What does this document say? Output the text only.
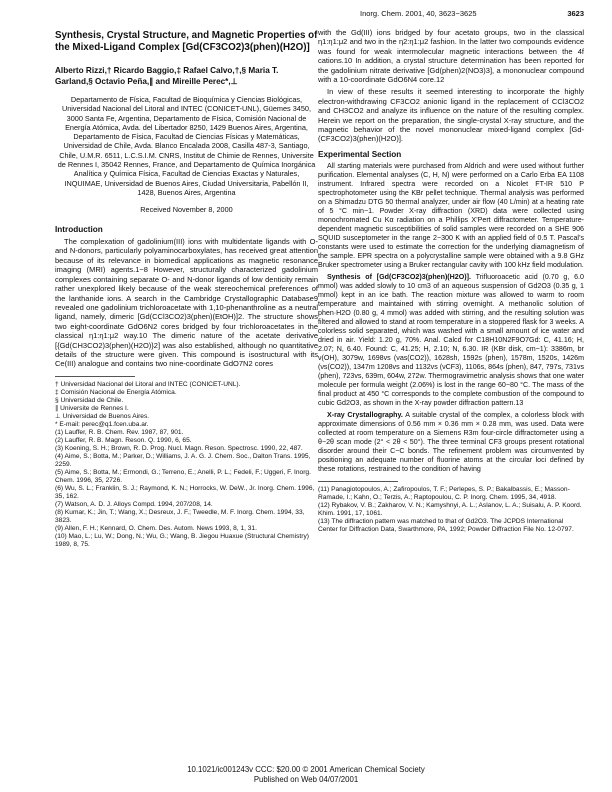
Inorg. Chem. 2001, 40, 3623−3625	3623
Synthesis, Crystal Structure, and Magnetic Properties of the Mixed-Ligand Complex [Gd(CF3CO2)3(phen)(H2O)]
Alberto Rizzi,† Ricardo Baggio,‡ Rafael Calvo,†,§ Maria T. Garland,§ Octavio Peña,∥ and Mireille Perec*,⊥
Departamento de Física, Facultad de Bioquímica y Ciencias Biológicas, Universidad Nacional del Litoral and INTEC (CONICET-UNL), Güemes 3450, 3000 Santa Fe, Argentina, Departamento de Física, Comisión Nacional de Energía Atómica, Avda. del Libertador 8250, 1429 Buenos Aires, Argentina, Departamento de Física, Facultad de Ciencias Físicas y Matemáticas, Universidad de Chile, Avda. Blanco Encalada 2008, Casilla 487-3, Santiago, Chile, U.M.R. 6511, L.C.S.I.M. CNRS, Institut de Chimie de Rennes, Universite de Rennes I, 35042 Rennes, France, and Departamento de Química Inorgánica Analítica y Química Física, Facultad de Ciencias Exactas y Naturales, INQUIMAE, Universidad de Buenos Aires, Ciudad Universitaria, Pabellón II, 1428, Buenos Aires, Argentina
Received November 8, 2000
Introduction

The complexation of gadolinium(III) ions with multidentate ligands with O- and N-donors, particularly polyaminocarboxylates, has received great attention because of its relevance in biomedical applications as magnetic resonance imaging (MRI) agents.1−8 However, structurally characterized gadolinium complexes containing separate O- and N-donor ligands of low denticity remain rather unexplored likely because of the weak stereochemical preferences of the lanthanide ions. A search in the Cambridge Crystallographic Database9 revealed one gadolinium trichloroacetate with 1,10-phenanthroline as a neutral ligand, namely, dimeric [Gd(CCl3CO2)3(phen)(EtOH)]2. The structure shows two eight-coordinate GdO6N2 cores bridged by four trichloroacetates in the classical η1:η1:μ2 way.10 The dimeric nature of the acetate derivative [{Gd(CH3CO2)3(phen)(H2O)}2] was also established, although no quantitative details of the structure were given. This compound is isostructural with its Ce(III) analogue and contains two nine-coordinate GdO7N2 cores

† Universidad Nacional del Litoral and INTEC (CONICET-UNL).

‡ Comisión Nacional de Energía Atómica.

§ Universidad de Chile.

∥ Universite de Rennes I.

⊥ Universidad de Buenos Aires.

* E-mail: perec@q1.fcen.uba.ar.

(1) Lauffer, R. B. Chem. Rev. 1987, 87, 901.
(2) Lauffer, R. B. Magn. Reson. Q. 1990, 6, 65.
(3) Koening, S. H.; Brown, R. D. Prog. Nucl. Magn. Reson. Spectrosc. 1990, 22, 487.
(4) Aime, S.; Botta, M.; Parker, D.; Williams, J. A. G. J. Chem. Soc., Dalton Trans. 1995, 2259.
(5) Aime, S.; Botta, M.; Ermondi, G.; Terreno, E.; Anelli, P. L.; Fedeli, F.; Uggeri, F. Inorg. Chem. 1996, 35, 2726.
(6) Wu, S. L.; Franklin, S. J.; Raymond, K. N.; Horrocks, W. DeW., Jr. Inorg. Chem. 1996, 35, 162.
(7) Watson, A. D. J. Alloys Compd. 1994, 207/208, 14.
(8) Kumar, K.; Jin, T.; Wang, X.; Desreux, J. F.; Tweedle, M. F. Inorg. Chem. 1994, 33, 3823.
(9) Allen, F. H.; Kennard, O. Chem. Des. Autom. News 1993, 8, 1, 31.
(10) Mao, L.; Lu, W.; Dong, N.; Wu, G.; Wang, B. Jiegou Huaxue (Structural Chemistry) 1989, 8, 75.

with the Gd(III) ions bridged by four acetato groups, two in the classical η1:η1:μ2 and two in the η2:η1:μ2 fashion. In the latter two compounds evidence was found for weak intermolecular magnetic interactions between the 4f cations.10 In addition, a crystal structure determination has been reported for the gadolinium nitrate derivative [Gd(phen)2(NO3)3], a mononuclear compound with a 10-coordinate GdO6N4 core.12

In view of these results it seemed interesting to incorporate the highly electron-withdrawing CF3CO2 anionic ligand in the replacement of CCl3CO2 and CH3CO2 and analyze its influence on the nature of the resulting complex. Herein we report on the preparation, the single-crystal X-ray structure, and the magnetic behavior of the novel mononuclear mixed-ligand complex [Gd-(CF3CO2)3(phen)(H2O)].

Experimental Section

All starting materials were purchased from Aldrich and were used without further purification. Elemental analyses (C, H, N) were performed on a Carlo Erba EA 1108 instrument. Infrared spectra were recorded on a Nicolet FT-IR 510 P spectrophotometer using the KBr pellet technique. Thermal analysis was performed on a Shimadzu DTG 50 thermal analyzer, under air flow (40 L/min) at a heating rate of 5 °C min−1. Powder X-ray diffraction (XRD) data were collected using monochromated Cu Kα radiation on a Phillips X’Pert diffractometer. Temperature-dependent magnetic susceptibilities of solid samples were recorded on a SHE 906 SQUID susceptometer in the range 2−300 K with an applied field of 0.5 T. Pascal’s constants were used to estimate the correction for the underlying diamagnetism of the sample. EPR spectra on a polycrystalline sample were obtained with a 9.8 GHz Bruker spectrometer using a Bruker rectangular cavity with 100 kHz field modulation.

Synthesis of [Gd(CF3CO2)3(phen)(H2O)]. Trifluoroacetic acid (0.70 g, 6.0 mmol) was added slowly to 10 cm3 of an aqueous suspension of Gd2O3 (0.35 g, 1 mmol) kept in an ice bath. The reaction mixture was allowed to warm to room temperature and maintained with stirring overnight. A methanolic solution of phen·H2O (0.80 g, 4 mmol) was added with stirring, and the resulting solution was filtered and allowed to stand at room temperature in a stoppered flask for 3 weeks. A colorless solid separated, which was washed with a small amount of ice water and dried in air. Yield: 1.20 g, 70%. Anal. Calcd for C18H10N2F9O7Gd: C, 41.16; H, 2.07; N, 6.40. Found: C, 41.25; H, 2.10; N, 6.30. IR (KBr disk, cm−1): 3386m, br ν(OH), 3079w, 1698vs (νas(CO2)), 1628sh, 1592s (phen), 1578m, 1520s, 1426m (νs(CO2)), 1347m 1208vs and 1132vs (νCF3), 1106s, 864s (phen), 847, 797s, 731vs (phen), 723vs, 639m, 604w, 272w. Thermogravimetric analysis shows that one water molecule per formula weight (2.06%) is lost in the range 60−80 °C. The mass of the final product at 450 °C corresponds to the complete combustion of the compound to cubic Gd2O3, as shown in the X-ray powder diffraction pattern.13

X-ray Crystallography. A suitable crystal of the complex, a colorless block with approximate dimensions of 0.56 mm × 0.36 mm × 0.28 mm, was used. Data were collected at room temperature on a Siemens R3m four-circle diffractometer using a θ−2θ scan mode (2° < 2θ < 50°). The three terminal CF3 groups present rotational disorder around their C−C bonds. The refinement problem was circumvented by positioning an adequate number of fluorine atoms at the circular loci defined by these rotations, restrained to the condition of having

(11) Panagiotopoulos, A.; Zafiropoulos, T. F.; Perlepes, S. P.; Bakalbassis, E.; Masson-Ramade, I.; Kahn, O.; Terzis, A.; Raptopoulou, C. P. Inorg. Chem. 1995, 34, 4918.
(12) Rybakov, V. B.; Zakharov, V. N.; Kamyshnyi, A. L.; Aslanov, L. A.; Suisalu, A. P. Koord. Khim. 1991, 17, 1061.
(13) The diffraction pattern was matched to that of Gd2O3. The JCPDS International Center for Diffraction Data, Swarthmore, PA, 1992; Powder Diffraction File No. 12-0797.
10.1021/ic001243v CCC: $20.00 © 2001 American Chemical Society
Published on Web 04/07/2001
